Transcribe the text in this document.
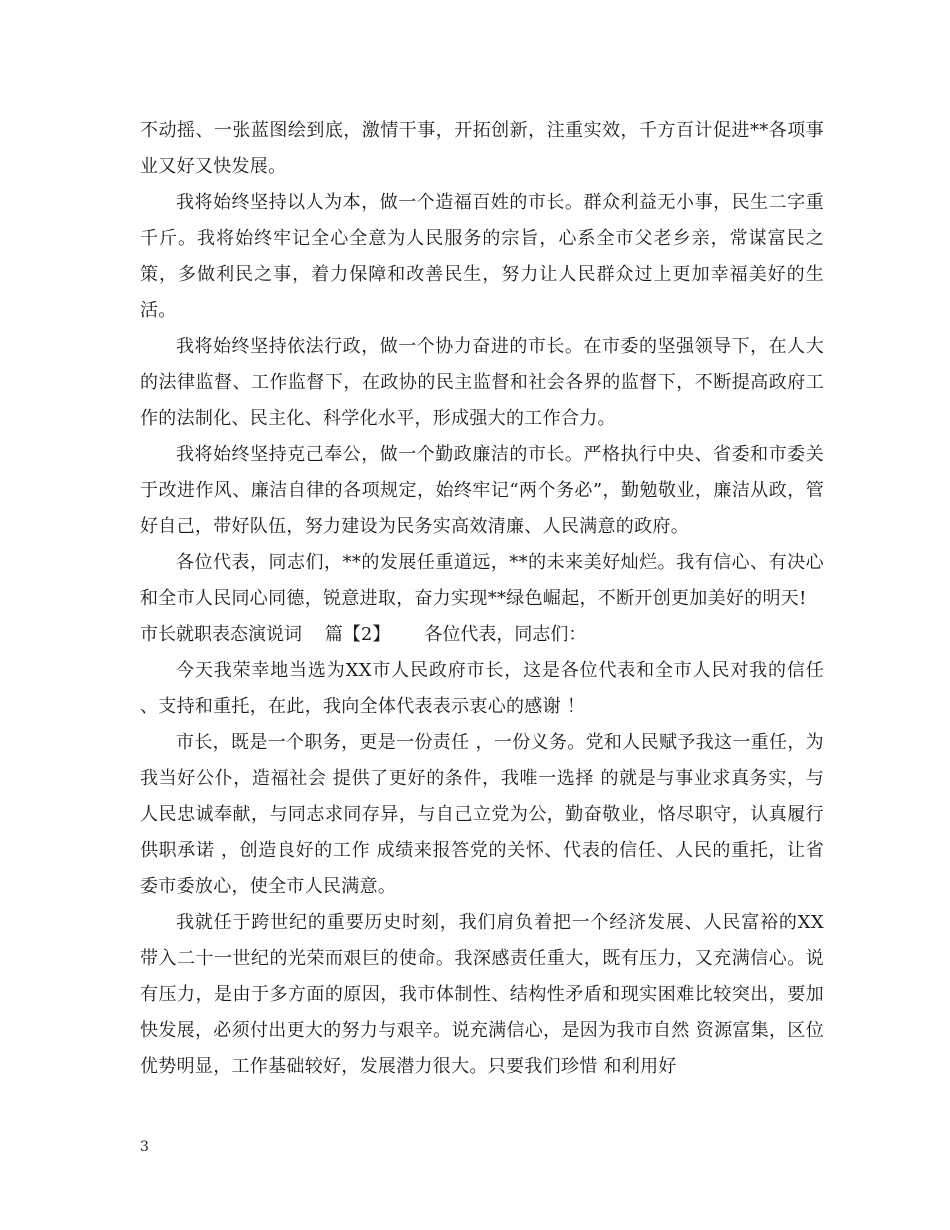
不动摇、一张蓝图绘到底，激情干事，开拓创新，注重实效，千方百计促进**各项事业又好又快发展。

我将始终坚持以人为本，做一个造福百姓的市长。群众利益无小事，民生二字重千斤。我将始终牢记全心全意为人民服务的宗旨，心系全市父老乡亲，常谋富民之策，多做利民之事，着力保障和改善民生，努力让人民群众过上更加幸福美好的生活。

我将始终坚持依法行政，做一个协力奋进的市长。在市委的坚强领导下，在人大的法律监督、工作监督下，在政协的民主监督和社会各界的监督下，不断提高政府工作的法制化、民主化、科学化水平，形成强大的工作合力。

我将始终坚持克己奉公，做一个勤政廉洁的市长。严格执行中央、省委和市委关于改进作风、廉洁自律的各项规定，始终牢记“两个务必”，勤勉敬业，廉洁从政，管好自己，带好队伍，努力建设为民务实高效清廉、人民满意的政府。

各位代表，同志们，**的发展任重道远，**的未来美好灿烂。我有信心、有决心和全市人民同心同德，锐意进取，奋力实现**绿色崛起，不断开创更加美好的明天!

市长就职表态演说词 篇【2】 各位代表，同志们：

今天我荣幸地当选为XX市人民政府市长，这是各位代表和全市人民对我的信任 、支持和重托，在此，我向全体代表表示衷心的感谢 ！

市长，既是一个职务，更是一份责任 ，一份义务。党和人民赋予我这一重任，为我当好公仆，造福社会 提供了更好的条件，我唯一选择 的就是与事业求真务实，与人民忠诚奉献，与同志求同存异，与自己立党为公，勤奋敬业，恪尽职守，认真履行供职承诺 ，创造良好的工作 成绩来报答党的关怀、代表的信任、人民的重托，让省委市委放心，使全市人民满意。

我就任于跨世纪的重要历史时刻，我们肩负着把一个经济发展、人民富裕的XX带入二十一世纪的光荣而艰巨的使命。我深感责任重大，既有压力，又充满信心。说有压力，是由于多方面的原因，我市体制性、结构性矛盾和现实困难比较突出，要加快发展，必须付出更大的努力与艰辛。说充满信心，是因为我市自然 资源富集，区位优势明显，工作基础较好，发展潜力很大。只要我们珍惜 和利用好

3
